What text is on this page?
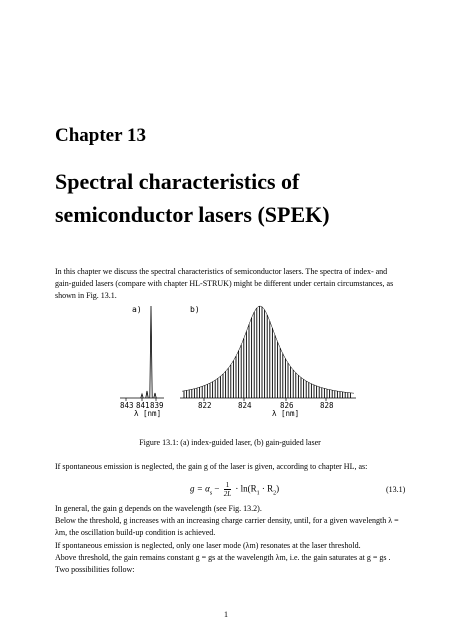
Chapter 13
Spectral characteristics of semiconductor lasers (SPEK)
In this chapter we discuss the spectral characteristics of semiconductor lasers. The spectra of index- and gain-guided lasers (compare with chapter HL-STRUK) might be different under certain circumstances, as shown in Fig. 13.1.
a)
843 841 839
λ [nm]
b)
822	824	826	828
λ [nm]
Figure 13.1: (a) index-guided laser, (b) gain-guided laser
If spontaneous emission is neglected, the gain g of the laser is given, according to chapter HL, as:
$g = \alpha_s - \frac{1}{2L} \cdot \ln(R_1 \cdot R_2)$	(13.1)
In general, the gain g depends on the wavelength (see Fig. 13.2).
Below the threshold, g increases with an increasing charge carrier density, until, for a given wavelength λ = λm, the oscillation build-up condition is achieved.
If spontaneous emission is neglected, only one laser mode (λm) resonates at the laser threshold.
Above threshold, the gain remains constant g = gs at the wavelength λm, i.e. the gain saturates at g = gs .
Two possibilities follow:
1
